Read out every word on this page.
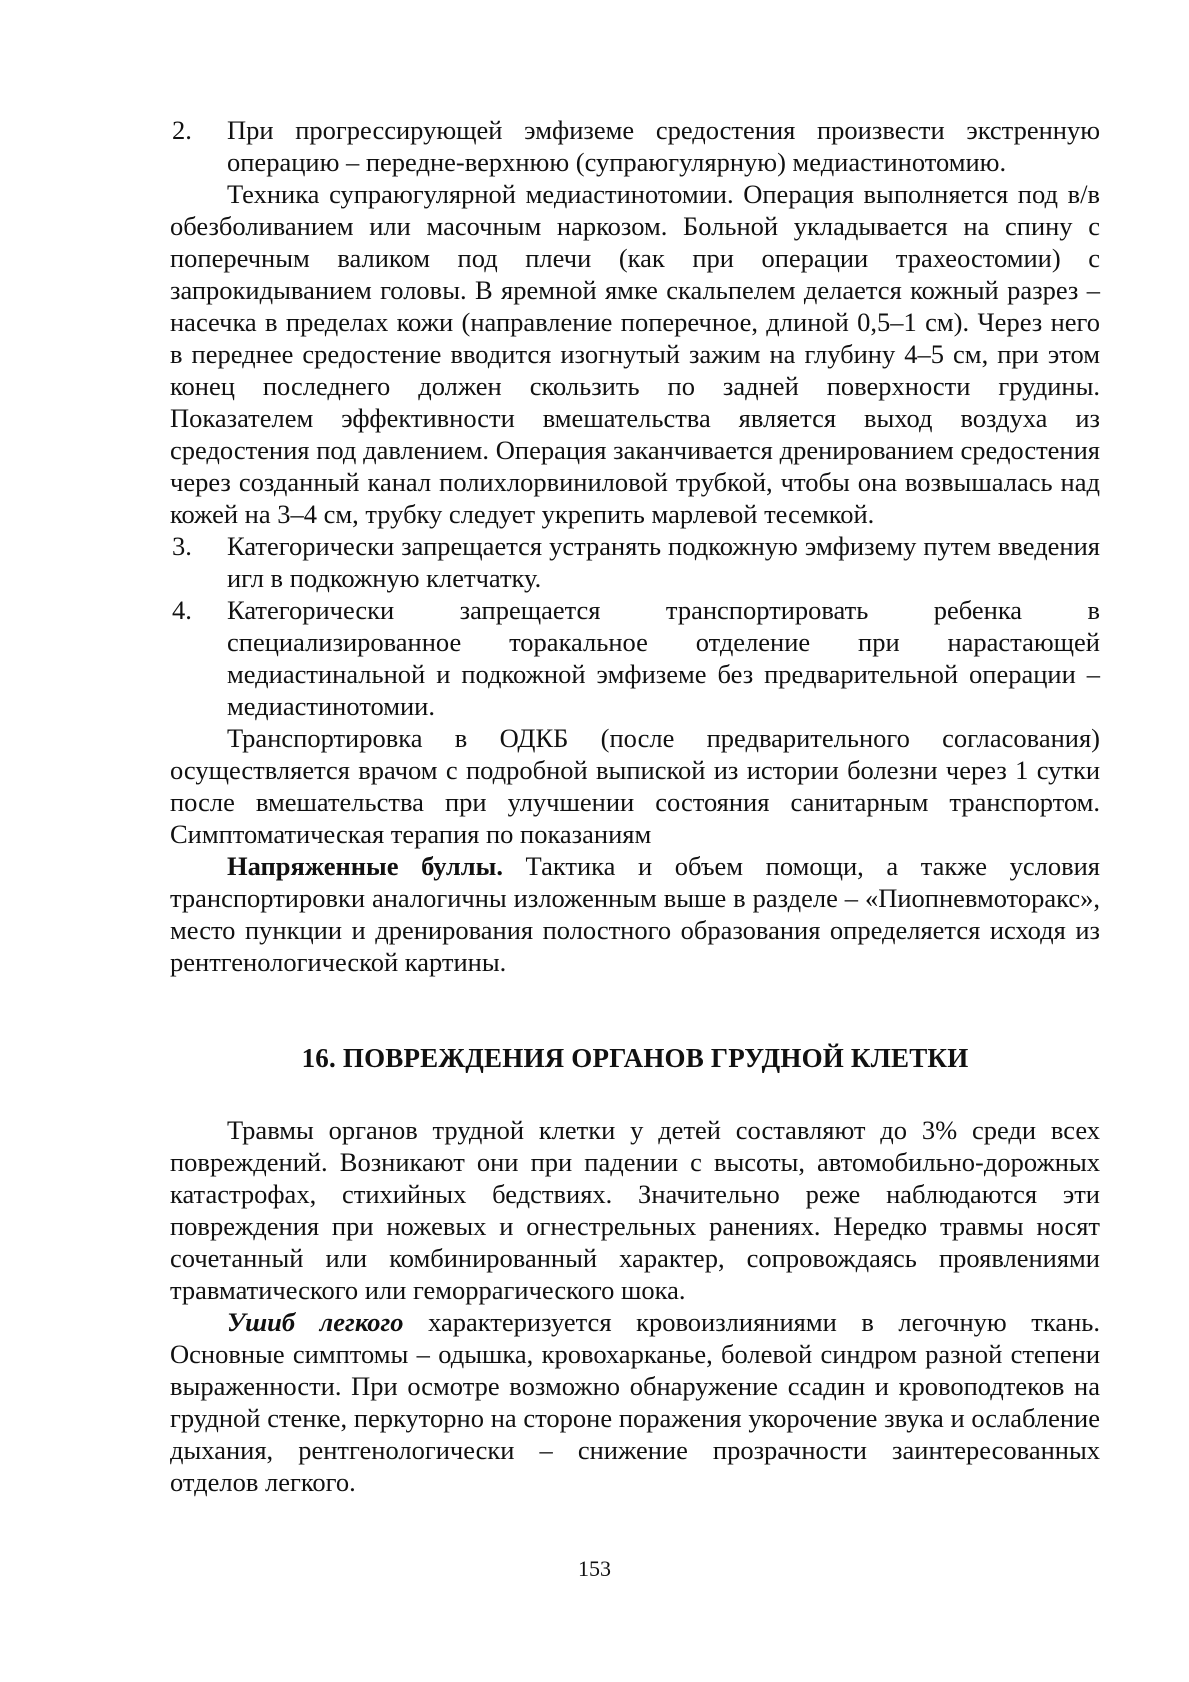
2. При прогрессирующей эмфиземе средостения произвести экстренную операцию – передне-верхнюю (супраюгулярную) медиастинотомию.
Техника супраюгулярной медиастинотомии. Операция выполняется под в/в обезболиванием или масочным наркозом. Больной укладывается на спину с поперечным валиком под плечи (как при операции трахеостомии) с запрокидыванием головы. В яремной ямке скальпелем делается кожный разрез – насечка в пределах кожи (направление поперечное, длиной 0,5–1 см). Через него в переднее средостение вводится изогнутый зажим на глубину 4–5 см, при этом конец последнего должен скользить по задней поверхности грудины. Показателем эффективности вмешательства является выход воздуха из средостения под давлением. Операция заканчивается дренированием средостения через созданный канал полихлорвиниловой трубкой, чтобы она возвышалась над кожей на 3–4 см, трубку следует укрепить марлевой тесемкой.
3. Категорически запрещается устранять подкожную эмфизему путем введения игл в подкожную клетчатку.
4. Категорически запрещается транспортировать ребенка в специализированное торакальное отделение при нарастающей медиастинальной и подкожной эмфиземе без предварительной операции – медиастинотомии.
Транспортировка в ОДКБ (после предварительного согласования) осуществляется врачом с подробной выпиской из истории болезни через 1 сутки после вмешательства при улучшении состояния санитарным транспортом. Симптоматическая терапия по показаниям
Напряженные буллы. Тактика и объем помощи, а также условия транспортировки аналогичны изложенным выше в разделе – «Пиопневмоторакс», место пункции и дренирования полостного образования определяется исходя из рентгенологической картины.
16. ПОВРЕЖДЕНИЯ ОРГАНОВ ГРУДНОЙ КЛЕТКИ
Травмы органов трудной клетки у детей составляют до 3% среди всех повреждений. Возникают они при падении с высоты, автомобильно-дорожных катастрофах, стихийных бедствиях. Значительно реже наблюдаются эти повреждения при ножевых и огнестрельных ранениях. Нередко травмы носят сочетанный или комбинированный характер, сопровождаясь проявлениями травматического или геморрагического шока.
Ушиб легкого характеризуется кровоизлияниями в легочную ткань. Основные симптомы – одышка, кровохарканье, болевой синдром разной степени выраженности. При осмотре возможно обнаружение ссадин и кровоподтеков на грудной стенке, перкуторно на стороне поражения укорочение звука и ослабление дыхания, рентгенологически – снижение прозрачности заинтересованных отделов легкого.
153
